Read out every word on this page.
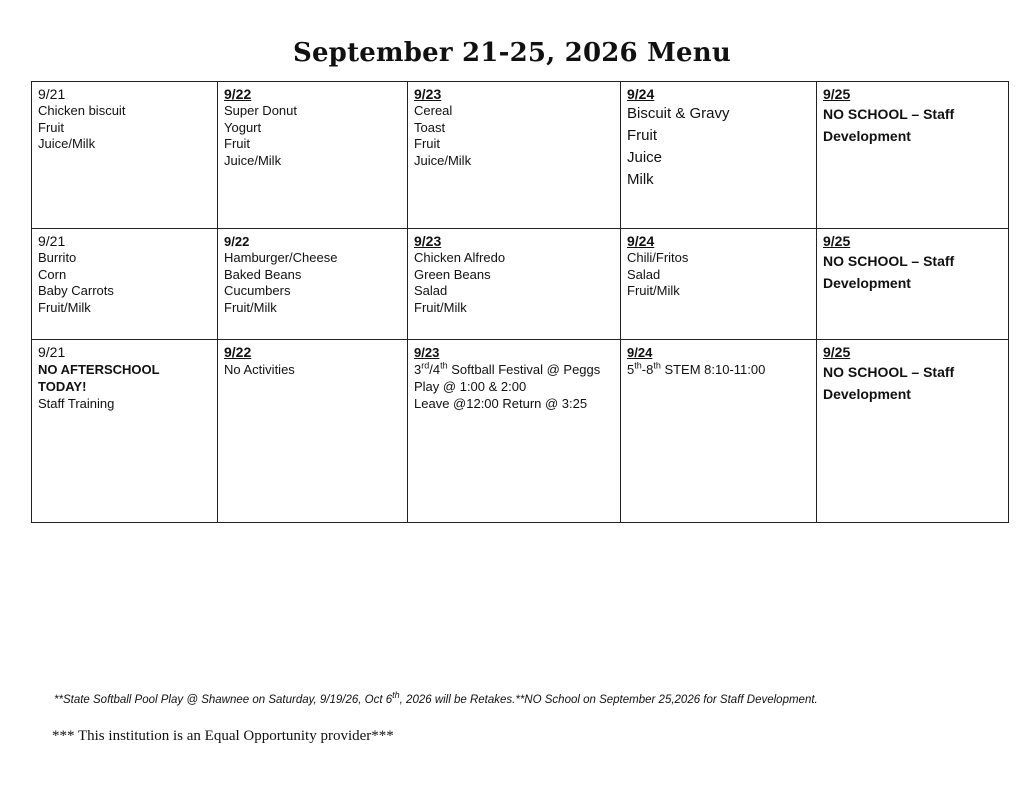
September 21-25, 2026 Menu
9/21
Chicken biscuit
Fruit
Juice/Milk	9/22
Super Donut
Yogurt
Fruit
Juice/Milk	9/23
Cereal
Toast
Fruit
Juice/Milk	9/24
Biscuit & Gravy
Fruit
Juice
Milk	9/25
NO SCHOOL – Staff
Development

9/21
Burrito
Corn
Baby Carrots
Fruit/Milk	9/22
Hamburger/Cheese
Baked Beans
Cucumbers
Fruit/Milk	9/23
Chicken Alfredo
Green Beans
Salad
Fruit/Milk	9/24
Chili/Fritos
Salad
Fruit/Milk	9/25
NO SCHOOL – Staff
Development

9/21
NO AFTERSCHOOL TODAY!
Staff Training	9/22
No Activities	9/23
3rd/4th Softball Festival @ Peggs
Play @ 1:00 & 2:00
Leave @12:00 Return @ 3:25	9/24
5th-8th STEM 8:10-11:00	9/25
NO SCHOOL – Staff
Development
**State Softball Pool Play @ Shawnee on Saturday, 9/19/26, Oct 6th, 2026 will be Retakes.**NO School on September 25,2026 for Staff Development.
*** This institution is an Equal Opportunity provider***
